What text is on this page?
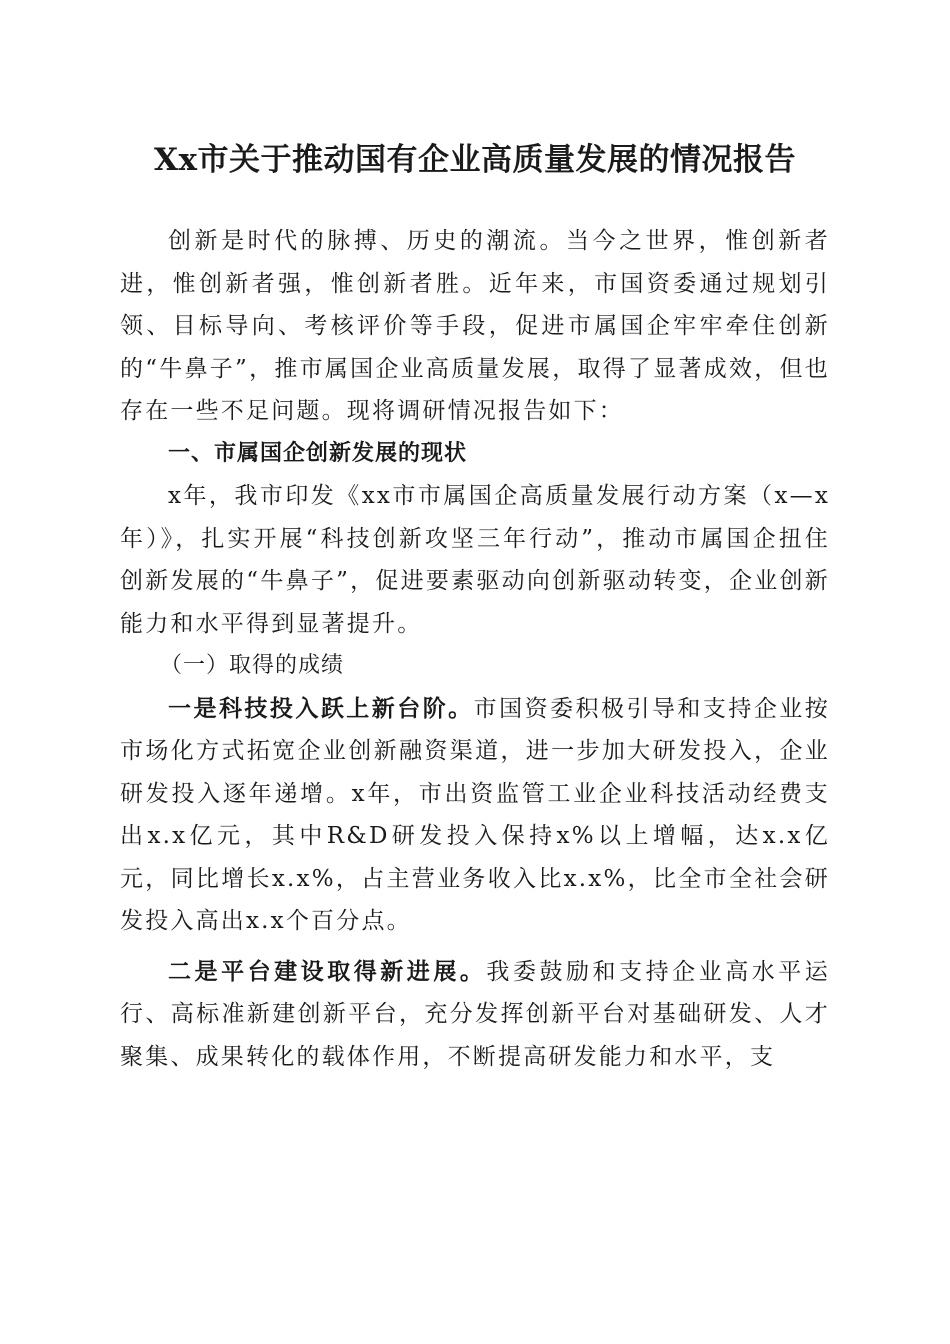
Xx市关于推动国有企业高质量发展的情况报告

创新是时代的脉搏、历史的潮流。当今之世界，惟创新者进，惟创新者强，惟创新者胜。近年来，市国资委通过规划引领、目标导向、考核评价等手段，促进市属国企牢牢牵住创新的“牛鼻子”，推市属国企业高质量发展，取得了显著成效，但也存在一些不足问题。现将调研情况报告如下：

一、市属国企创新发展的现状

x年，我市印发《xx市市属国企高质量发展行动方案（x—x年）》，扎实开展“科技创新攻坚三年行动”，推动市属国企扭住创新发展的“牛鼻子”，促进要素驱动向创新驱动转变，企业创新能力和水平得到显著提升。

（一）取得的成绩

一是科技投入跃上新台阶。市国资委积极引导和支持企业按市场化方式拓宽企业创新融资渠道，进一步加大研发投入，企业研发投入逐年递增。x年，市出资监管工业企业科技活动经费支出x.x亿元，其中R&D研发投入保持x%以上增幅，达x.x亿元，同比增长x.x%，占主营业务收入比x.x%，比全市全社会研发投入高出x.x个百分点。

二是平台建设取得新进展。我委鼓励和支持企业高水平运行、高标准新建创新平台，充分发挥创新平台对基础研发、人才聚集、成果转化的载体作用，不断提高研发能力和水平，支
